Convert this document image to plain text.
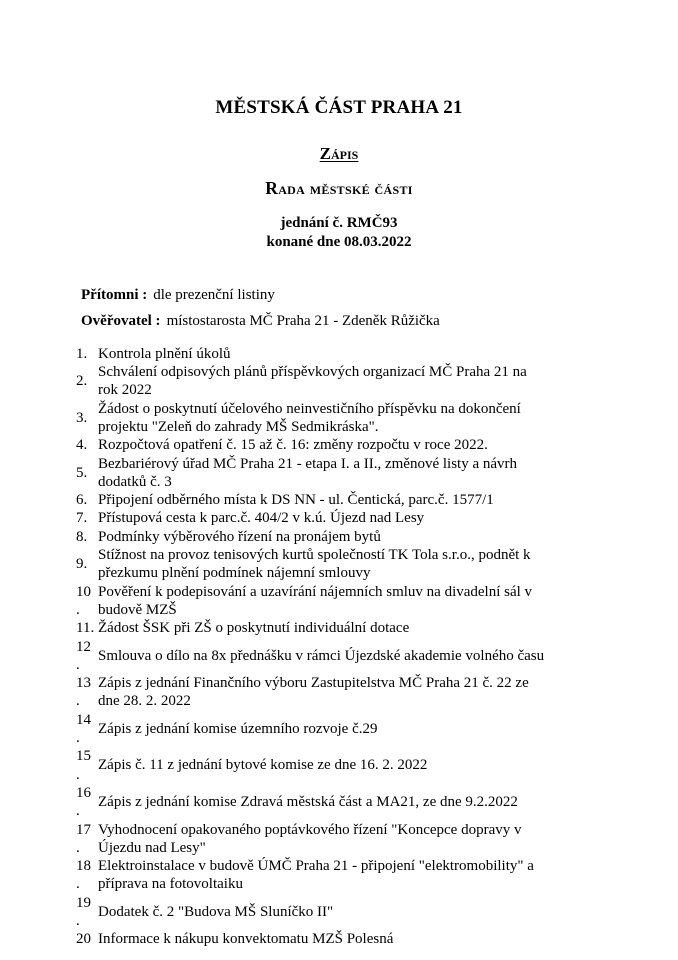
MĚSTSKÁ ČÁST PRAHA 21
Zápis
Rada městské části
jednání č. RMČ93
konané dne 08.03.2022
Přítomni : dle prezenční listiny
Ověřovatel : místostarosta MČ Praha 21 - Zdeněk Růžička
1. Kontrola plnění úkolů
2.
Schválení odpisových plánů příspěvkových organizací MČ Praha 21 na
rok 2022
3.
Žádost o poskytnutí účelového neinvestičního příspěvku na dokončení
projektu "Zeleň do zahrady MŠ Sedmikráska".
4. Rozpočtová opatření č. 15 až č. 16: změny rozpočtu v roce 2022.
5.
Bezbariérový úřad MČ Praha 21 - etapa I. a II., změnové listy a návrh
dodatků č. 3
6. Připojení odběrného místa k DS NN - ul. Čentická, parc.č. 1577/1
7. Přístupová cesta k parc.č. 404/2 v k.ú. Újezd nad Lesy
8. Podmínky výběrového řízení na pronájem bytů
9.
Stížnost na provoz tenisových kurtů společností TK Tola s.r.o., podnět k
přezkumu plnění podmínek nájemní smlouvy
10
.
Pověření k podepisování a uzavírání nájemních smluv na divadelní sál v
budově MZŠ
11. Žádost ŠSK při ZŠ o poskytnutí individuální dotace
12
.
Smlouva o dílo na 8x přednášku v rámci Újezdské akademie volného času
13
.
Zápis z jednání Finančního výboru Zastupitelstva MČ Praha 21 č. 22 ze
dne 28. 2. 2022
14
.
Zápis z jednání komise územního rozvoje č.29
15
.
Zápis č. 11 z jednání bytové komise ze dne 16. 2. 2022
16
.
Zápis z jednání komise Zdravá městská část a MA21, ze dne 9.2.2022
17
.
Vyhodnocení opakovaného poptávkového řízení "Koncepce dopravy v
Újezdu nad Lesy"
18
.
Elektroinstalace v budově ÚMČ Praha 21 - připojení "elektromobility" a
příprava na fotovoltaiku
19
.
Dodatek č. 2 "Budova MŠ Sluníčko II"
20 Informace k nákupu konvektomatu MZŠ Polesná
